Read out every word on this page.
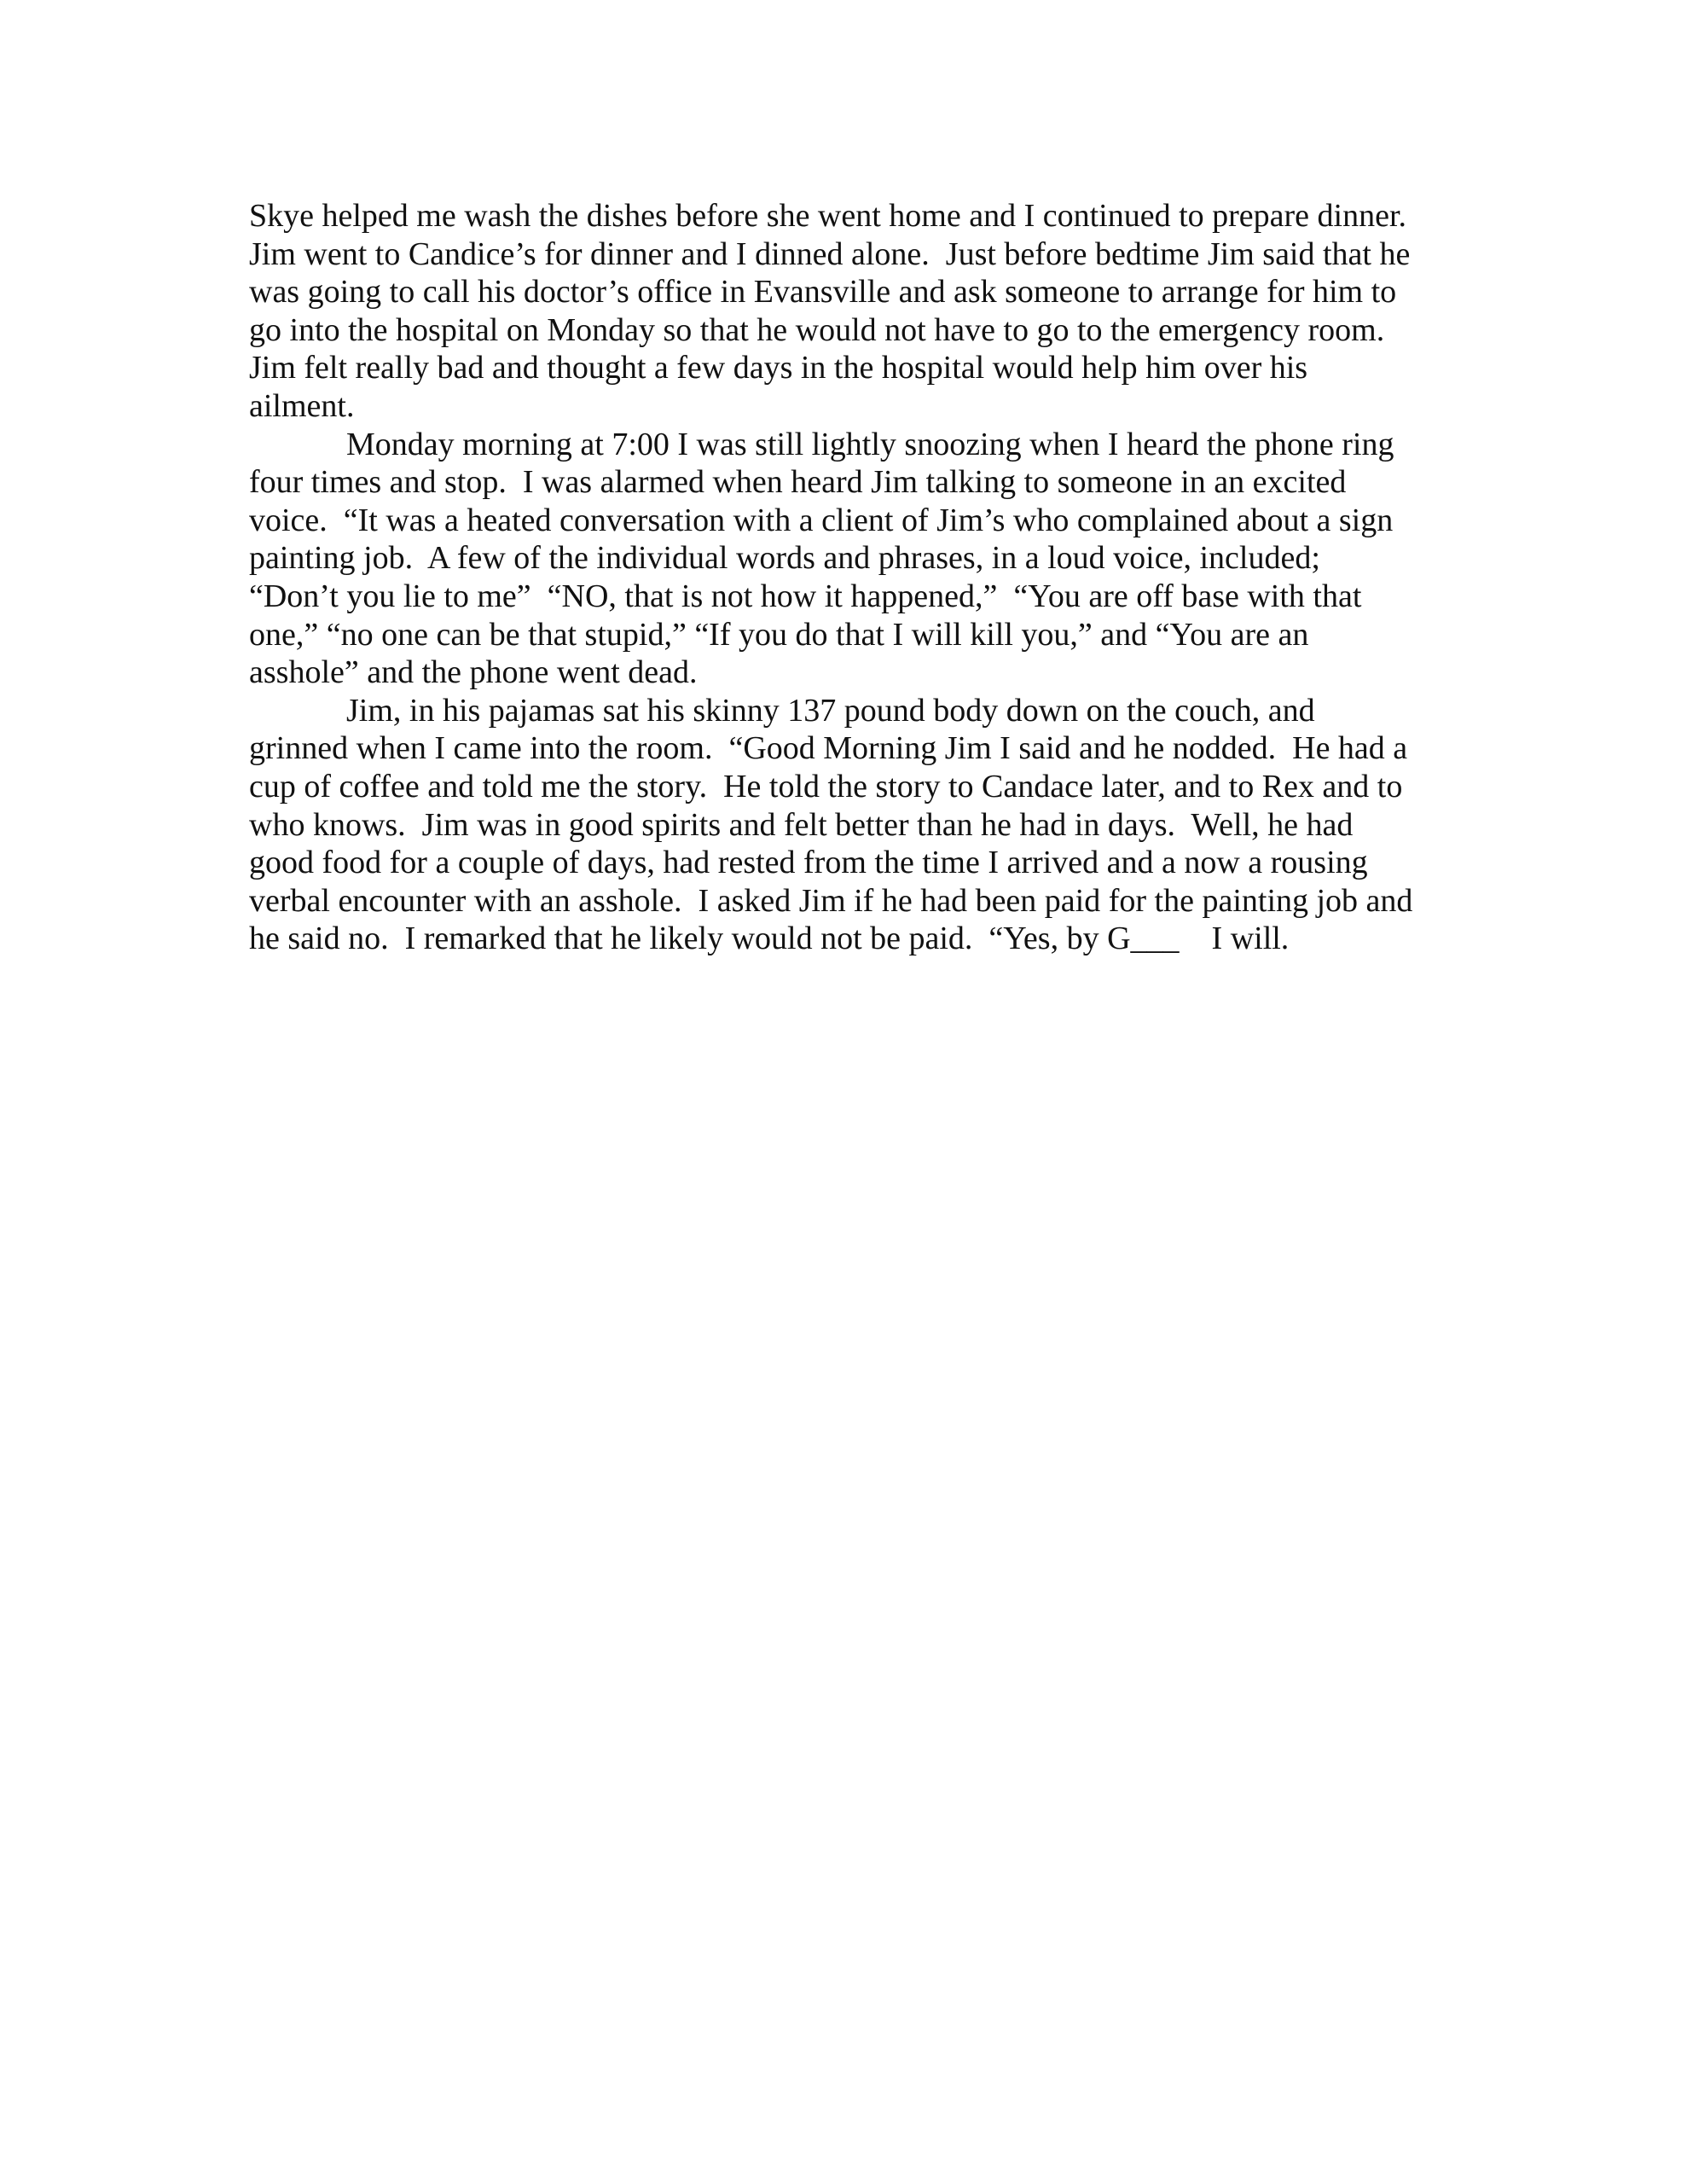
Skye helped me wash the dishes before she went home and I continued to prepare dinner.
Jim went to Candice’s for dinner and I dinned alone.  Just before bedtime Jim said that he
was going to call his doctor’s office in Evansville and ask someone to arrange for him to
go into the hospital on Monday so that he would not have to go to the emergency room.
Jim felt really bad and thought a few days in the hospital would help him over his
ailment.
Monday morning at 7:00 I was still lightly snoozing when I heard the phone ring
four times and stop.  I was alarmed when heard Jim talking to someone in an excited
voice.  “It was a heated conversation with a client of Jim’s who complained about a sign
painting job.  A few of the individual words and phrases, in a loud voice, included;
“Don’t you lie to me”  “NO, that is not how it happened,”  “You are off base with that
one,” “no one can be that stupid,” “If you do that I will kill you,” and “You are an
asshole” and the phone went dead.
Jim, in his pajamas sat his skinny 137 pound body down on the couch, and
grinned when I came into the room.  “Good Morning Jim I said and he nodded.  He had a
cup of coffee and told me the story.  He told the story to Candace later, and to Rex and to
who knows.  Jim was in good spirits and felt better than he had in days.  Well, he had
good food for a couple of days, had rested from the time I arrived and a now a rousing
verbal encounter with an asshole.  I asked Jim if he had been paid for the painting job and
he said no.  I remarked that he likely would not be paid.  “Yes, by G___    I will.
